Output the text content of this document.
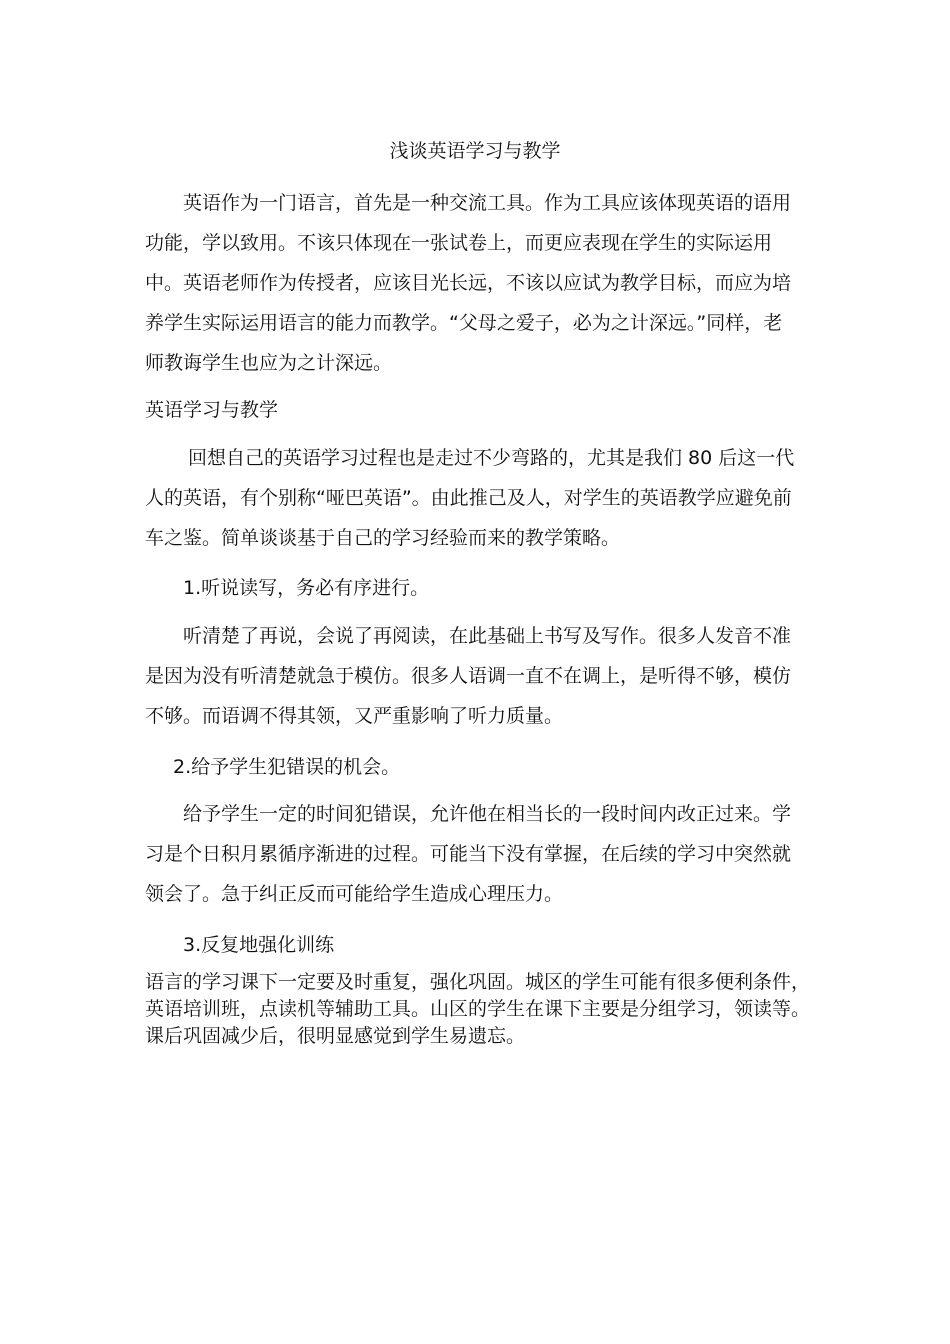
浅谈英语学习与教学

英语作为一门语言，首先是一种交流工具。作为工具应该体现英语的语用功能，学以致用。不该只体现在一张试卷上，而更应表现在学生的实际运用中。英语老师作为传授者，应该目光长远，不该以应试为教学目标，而应为培养学生实际运用语言的能力而教学。“父母之爱子，必为之计深远。”同样，老师教诲学生也应为之计深远。

英语学习与教学

回想自己的英语学习过程也是走过不少弯路的，尤其是我们 80 后这一代人的英语，有个别称“哑巴英语”。由此推己及人，对学生的英语教学应避免前车之鉴。简单谈谈基于自己的学习经验而来的教学策略。

1.听说读写，务必有序进行。

听清楚了再说，会说了再阅读，在此基础上书写及写作。很多人发音不准是因为没有听清楚就急于模仿。很多人语调一直不在调上，是听得不够，模仿不够。而语调不得其领，又严重影响了听力质量。

2.给予学生犯错误的机会。

给予学生一定的时间犯错误，允许他在相当长的一段时间内改正过来。学习是个日积月累循序渐进的过程。可能当下没有掌握，在后续的学习中突然就领会了。急于纠正反而可能给学生造成心理压力。

3.反复地强化训练

语言的学习课下一定要及时重复，强化巩固。城区的学生可能有很多便利条件，英语培训班，点读机等辅助工具。山区的学生在课下主要是分组学习，领读等。课后巩固减少后，很明显感觉到学生易遗忘。
